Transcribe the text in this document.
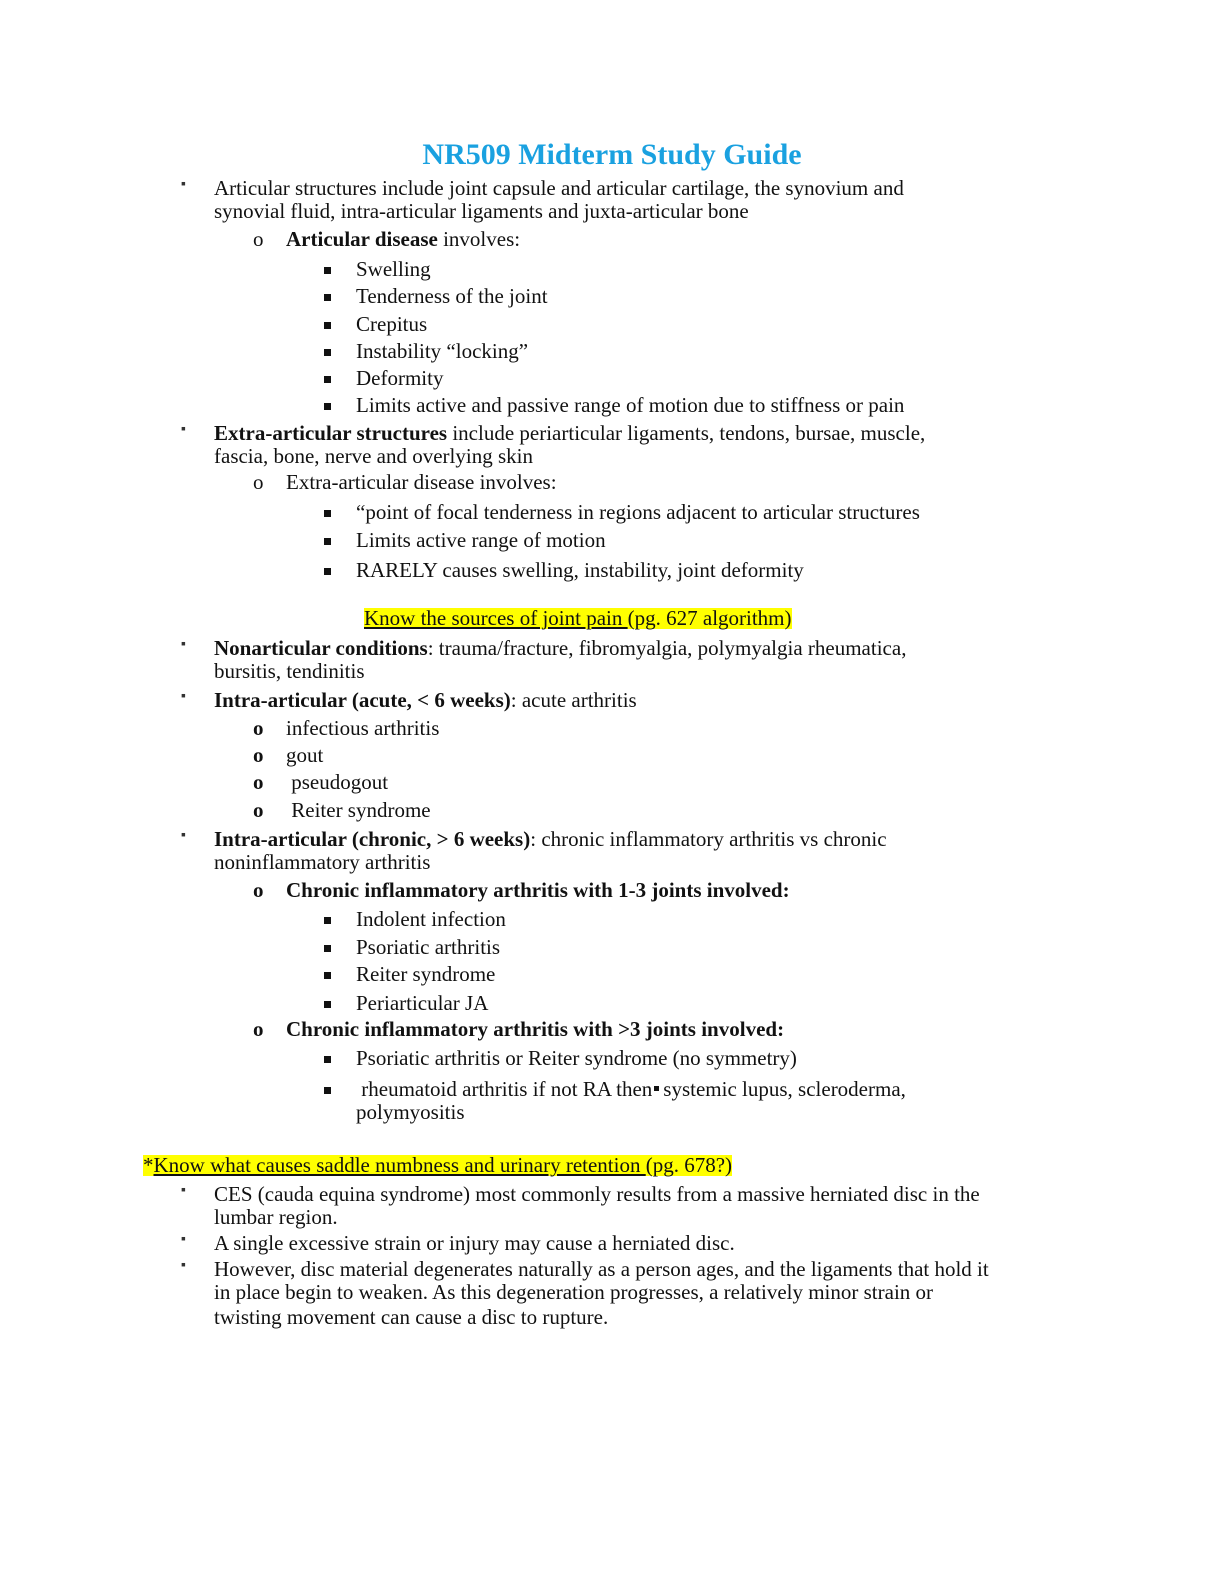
NR509 Midterm Study Guide
▪ Articular structures include joint capsule and articular cartilage, the synovium and
synovial fluid, intra-articular ligaments and juxta-articular bone
o Articular disease involves:
Swelling
Tenderness of the joint
Crepitus
Instability “locking”
Deformity
Limits active and passive range of motion due to stiffness or pain
▪ Extra-articular structures include periarticular ligaments, tendons, bursae, muscle,
fascia, bone, nerve and overlying skin
o Extra-articular disease involves:
“point of focal tenderness in regions adjacent to articular structures
Limits active range of motion
RARELY causes swelling, instability, joint deformity
Know the sources of joint pain (pg. 627 algorithm)
▪ Nonarticular conditions: trauma/fracture, fibromyalgia, polymyalgia rheumatica,
bursitis, tendinitis
▪ Intra-articular (acute, < 6 weeks): acute arthritis
o infectious arthritis
o gout
o pseudogout
o Reiter syndrome
▪ Intra-articular (chronic, > 6 weeks): chronic inflammatory arthritis vs chronic
noninflammatory arthritis
o Chronic inflammatory arthritis with 1-3 joints involved:
Indolent infection
Psoriatic arthritis
Reiter syndrome
Periarticular JA
o Chronic inflammatory arthritis with >3 joints involved:
Psoriatic arthritis or Reiter syndrome (no symmetry)
rheumatoid arthritis if not RA then systemic lupus, scleroderma,
polymyositis
*Know what causes saddle numbness and urinary retention (pg. 678?)
▪ CES (cauda equina syndrome) most commonly results from a massive herniated disc in the
lumbar region.
▪ A single excessive strain or injury may cause a herniated disc.
▪ However, disc material degenerates naturally as a person ages, and the ligaments that hold it
in place begin to weaken. As this degeneration progresses, a relatively minor strain or
twisting movement can cause a disc to rupture.
